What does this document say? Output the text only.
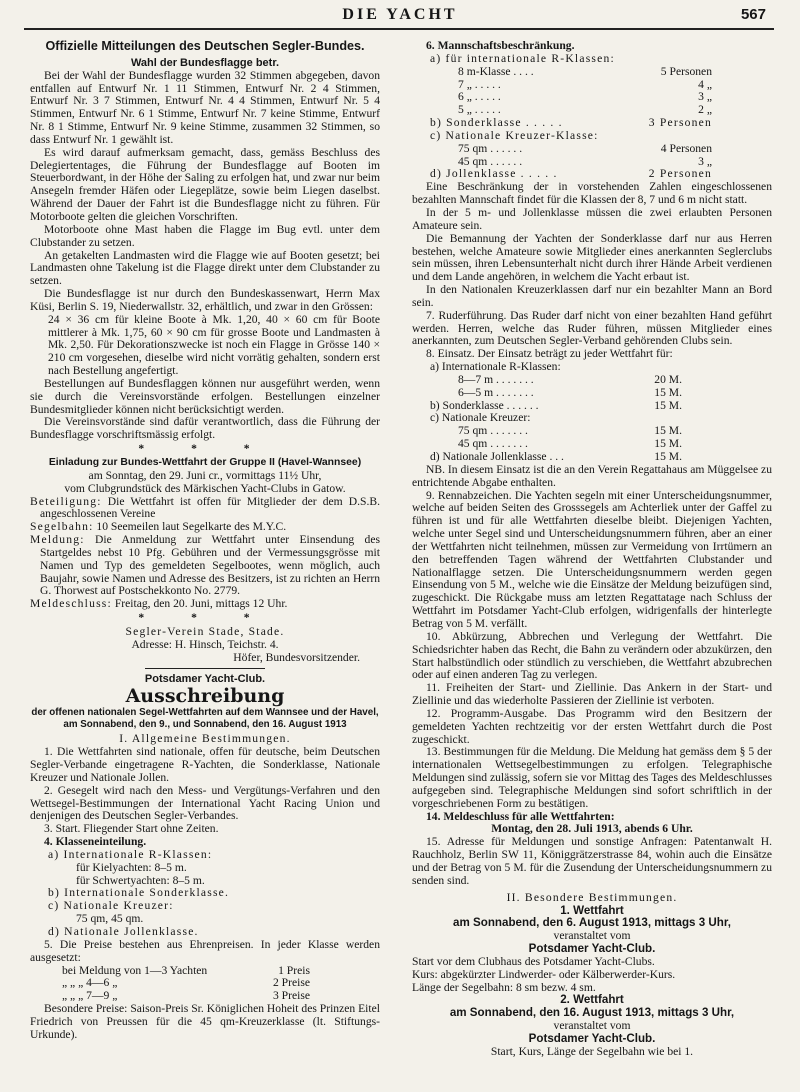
DIE YACHT	567

Offizielle Mitteilungen des Deutschen Segler-Bundes.

Wahl der Bundesflagge betr.

Bei der Wahl der Bundesflagge wurden 32 Stimmen abgegeben, davon entfallen auf Entwurf Nr. 1 11 Stimmen, Entwurf Nr. 2 4 Stimmen, Entwurf Nr. 3 7 Stimmen, Entwurf Nr. 4 4 Stimmen, Entwurf Nr. 5 4 Stimmen, Entwurf Nr. 6 1 Stimme, Entwurf Nr. 7 keine Stimme, Entwurf Nr. 8 1 Stimme, Entwurf Nr. 9 keine Stimme, zusammen 32 Stimmen, so dass Entwurf Nr. 1 gewählt ist.

Es wird darauf aufmerksam gemacht, dass, gemäss Beschluss des Delegiertentages, die Führung der Bundesflagge auf Booten im Steuerbordwant, in der Höhe der Saling zu erfolgen hat, und zwar nur beim Ansegeln fremder Häfen oder Liegeplätze, sowie beim Liegen daselbst. Während der Dauer der Fahrt ist die Bundesflagge nicht zu führen. Für Motorboote gelten die gleichen Vorschriften.

Motorboote ohne Mast haben die Flagge im Bug evtl. unter dem Clubstander zu setzen.

An getakelten Landmasten wird die Flagge wie auf Booten gesetzt; bei Landmasten ohne Takelung ist die Flagge direkt unter dem Clubstander zu setzen.

Die Bundesflagge ist nur durch den Bundeskassenwart, Herrn Max Küsi, Berlin S. 19, Niederwallstr. 32, erhältlich, und zwar in den Grössen:

24 × 36 cm für kleine Boote à Mk. 1,20, 40 × 60 cm für Boote mittlerer à Mk. 1,75, 60 × 90 cm für grosse Boote und Landmasten à Mk. 2,50. Für Dekorationszwecke ist noch ein Flagge in Grösse 140 × 210 cm vorgesehen, dieselbe wird nicht vorrätig gehalten, sondern erst nach Bestellung angefertigt.

Bestellungen auf Bundesflaggen können nur ausgeführt werden, wenn sie durch die Vereinsvorstände erfolgen. Bestellungen einzelner Bundesmitglieder können nicht berücksichtigt werden.

Die Vereinsvorstände sind dafür verantwortlich, dass die Führung der Bundesflagge vorschriftsmässig erfolgt.

* * *

Einladung zur Bundes-Wettfahrt der Gruppe II (Havel-Wannsee)

am Sonntag, den 29. Juni cr., vormittags 11½ Uhr,

vom Clubgrundstück des Märkischen Yacht-Clubs in Gatow.

Beteiligung: Die Wettfahrt ist offen für Mitglieder der dem D.S.B. angeschlossenen Vereine

Segelbahn: 10 Seemeilen laut Segelkarte des M.Y.C.

Meldung: Die Anmeldung zur Wettfahrt unter Einsendung des Startgeldes nebst 10 Pfg. Gebühren und der Vermessungsgrösse mit Namen und Typ des gemeldeten Segelbootes, wenn möglich, auch Baujahr, sowie Namen und Adresse des Besitzers, ist zu richten an Herrn G. Thorwest auf Postschekkonto No. 2779.

Meldeschluss: Freitag, den 20. Juni, mittags 12 Uhr.

* * *

Segler-Verein Stade, Stade.

Adresse: H. Hinsch, Teichstr. 4.

Höfer, Bundesvorsitzender.

Potsdamer Yacht-Club.

Ausschreibung

der offenen nationalen Segel-Wettfahrten auf dem Wannsee und der Havel, am Sonnabend, den 9., und Sonnabend, den 16. August 1913

I. Allgemeine Bestimmungen.

1. Die Wettfahrten sind nationale, offen für deutsche, beim Deutschen Segler-Verbande eingetragene R-Yachten, die Sonderklasse, Nationale Kreuzer und Nationale Jollen.

2. Gesegelt wird nach den Mess- und Vergütungs-Verfahren und den Wettsegel-Bestimmungen der International Yacht Racing Union und denjenigen des Deutschen Segler-Verbandes.

3. Start. Fliegender Start ohne Zeiten.

4. Klasseneinteilung.

a) Internationale R-Klassen:

für Kielyachten: 8–5 m.

für Schwertyachten: 8–5 m.

b) Internationale Sonderklasse.

c) Nationale Kreuzer:

75 qm, 45 qm.

d) Nationale Jollenklasse.

5. Die Preise bestehen aus Ehrenpreisen. In jeder Klasse werden ausgesetzt:

bei Meldung von 1—3 Yachten	1 Preis
„ „ „ 4—6 „	2 Preise
„ „ „ 7—9 „	3 Preise

Besondere Preise: Saison-Preis Sr. Königlichen Hoheit des Prinzen Eitel Friedrich von Preussen für die 45 qm-Kreuzerklasse (lt. Stiftungs-Urkunde).

6. Mannschaftsbeschränkung.

a) für internationale R-Klassen:

8 m-Klasse . . . .	5 Personen
7 „ . . . . .	4 „
6 „ . . . . .	3 „
5 „ . . . . .	2 „
b) Sonderklasse . . . . .	3 Personen

c) Nationale Kreuzer-Klasse:

75 qm . . . . . .	4 Personen
45 qm . . . . . .	3 „
d) Jollenklasse . . . . .	2 Personen

Eine Beschränkung der in vorstehenden Zahlen eingeschlossenen bezahlten Mannschaft findet für die Klassen der 8, 7 und 6 m nicht statt.

In der 5 m- und Jollenklasse müssen die zwei erlaubten Personen Amateure sein.

Die Bemannung der Yachten der Sonderklasse darf nur aus Herren bestehen, welche Amateure sowie Mitglieder eines anerkannten Seglerclubs sein müssen, ihren Lebensunterhalt nicht durch ihrer Hände Arbeit verdienen und dem Lande angehören, in welchem die Yacht erbaut ist.

In den Nationalen Kreuzerklassen darf nur ein bezahlter Mann an Bord sein.

7. Ruderführung. Das Ruder darf nicht von einer bezahlten Hand geführt werden. Herren, welche das Ruder führen, müssen Mitglieder eines anerkannten, zum Deutschen Segler-Verband gehörenden Clubs sein.

8. Einsatz. Der Einsatz beträgt zu jeder Wettfahrt für:

a) Internationale R-Klassen:

8—7 m . . . . . . .	20 M.
6—5 m . . . . . . .	15 M.
b) Sonderklasse . . . . . .	15 M.

c) Nationale Kreuzer:

75 qm . . . . . . .	15 M.
45 qm . . . . . . .	15 M.
d) Nationale Jollenklasse . . .	15 M.

NB. In diesem Einsatz ist die an den Verein Regattahaus am Müggelsee zu entrichtende Abgabe enthalten.

9. Rennabzeichen. Die Yachten segeln mit einer Unterscheidungsnummer, welche auf beiden Seiten des Grosssegels am Achterliek unter der Gaffel zu führen ist und für alle Wettfahrten dieselbe bleibt. Diejenigen Yachten, welche unter Segel sind und Unterscheidungsnummern führen, aber an einer der Wettfahrten nicht teilnehmen, müssen zur Vermeidung von Irrtümern an den betreffenden Tagen während der Wettfahrten Clubstander und Nationalflagge setzen. Die Unterscheidungsnummern werden gegen Einsendung von 5 M., welche wie die Einsätze der Meldung beizufügen sind, zugeschickt. Die Rückgabe muss am letzten Regattatage nach Schluss der Wettfahrt im Potsdamer Yacht-Club erfolgen, widrigenfalls der hinterlegte Betrag von 5 M. verfällt.

10. Abkürzung, Abbrechen und Verlegung der Wettfahrt. Die Schiedsrichter haben das Recht, die Bahn zu verändern oder abzukürzen, den Start halbstündlich oder stündlich zu verschieben, die Wettfahrt abzubrechen oder auf einen anderen Tag zu verlegen.

11. Freiheiten der Start- und Ziellinie. Das Ankern in der Start- und Ziellinie und das wiederholte Passieren der Ziellinie ist verboten.

12. Programm-Ausgabe. Das Programm wird den Besitzern der gemeldeten Yachten rechtzeitig vor der ersten Wettfahrt durch die Post zugeschickt.

13. Bestimmungen für die Meldung. Die Meldung hat gemäss dem § 5 der internationalen Wettsegelbestimmungen zu erfolgen. Telegraphische Meldungen sind zulässig, sofern sie vor Mittag des Tages des Meldeschlusses aufgegeben sind. Telegraphische Meldungen sind sofort schriftlich in der vorgeschriebenen Form zu bestätigen.

14. Meldeschluss für alle Wettfahrten:

Montag, den 28. Juli 1913, abends 6 Uhr.

15. Adresse für Meldungen und sonstige Anfragen: Patentanwalt H. Rauchholz, Berlin SW 11, Königgrätzerstrasse 84, wohin auch die Einsätze und der Betrag von 5 M. für die Zusendung der Unterscheidungsnummern zu senden sind.

II. Besondere Bestimmungen.

1. Wettfahrt

am Sonnabend, den 6. August 1913, mittags 3 Uhr,

veranstaltet vom

Potsdamer Yacht-Club.

Start vor dem Clubhaus des Potsdamer Yacht-Clubs.

Kurs: abgekürzter Lindwerder- oder Kälberwerder-Kurs.

Länge der Segelbahn: 8 sm bezw. 4 sm.

2. Wettfahrt

am Sonnabend, den 16. August 1913, mittags 3 Uhr,

veranstaltet vom

Potsdamer Yacht-Club.

Start, Kurs, Länge der Segelbahn wie bei 1.
